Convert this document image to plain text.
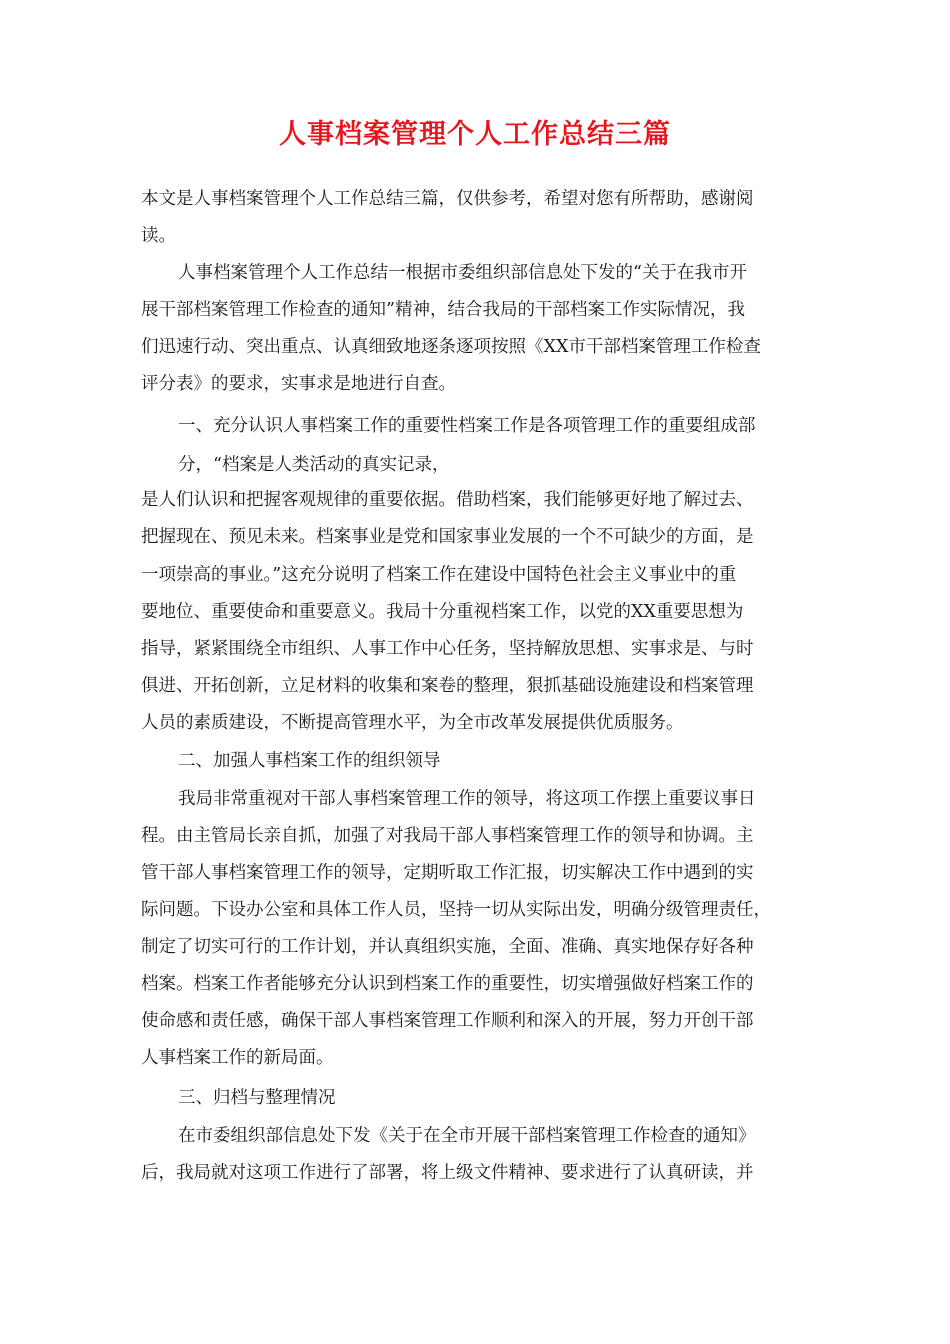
人事档案管理个人工作总结三篇

本文是人事档案管理个人工作总结三篇，仅供参考，希望对您有所帮助，感谢阅

读。

人事档案管理个人工作总结一根据市委组织部信息处下发的“关于在我市开

展干部档案管理工作检查的通知”精神，结合我局的干部档案工作实际情况，我

们迅速行动、突出重点、认真细致地逐条逐项按照《XX市干部档案管理工作检查

评分表》的要求，实事求是地进行自查。

一、充分认识人事档案工作的重要性档案工作是各项管理工作的重要组成部

分，“档案是人类活动的真实记录，

是人们认识和把握客观规律的重要依据。借助档案，我们能够更好地了解过去、

把握现在、预见未来。档案事业是党和国家事业发展的一个不可缺少的方面，是

一项崇高的事业。”这充分说明了档案工作在建设中国特色社会主义事业中的重

要地位、重要使命和重要意义。我局十分重视档案工作，以党的XX重要思想为

指导，紧紧围绕全市组织、人事工作中心任务，坚持解放思想、实事求是、与时

俱进、开拓创新，立足材料的收集和案卷的整理，狠抓基础设施建设和档案管理

人员的素质建设，不断提高管理水平，为全市改革发展提供优质服务。

二、加强人事档案工作的组织领导

我局非常重视对干部人事档案管理工作的领导，将这项工作摆上重要议事日

程。由主管局长亲自抓，加强了对我局干部人事档案管理工作的领导和协调。主

管干部人事档案管理工作的领导，定期听取工作汇报，切实解决工作中遇到的实

际问题。下设办公室和具体工作人员，坚持一切从实际出发，明确分级管理责任，

制定了切实可行的工作计划，并认真组织实施，全面、准确、真实地保存好各种

档案。档案工作者能够充分认识到档案工作的重要性，切实增强做好档案工作的

使命感和责任感，确保干部人事档案管理工作顺利和深入的开展，努力开创干部

人事档案工作的新局面。

三、归档与整理情况

在市委组织部信息处下发《关于在全市开展干部档案管理工作检查的通知》

后，我局就对这项工作进行了部署，将上级文件精神、要求进行了认真研读，并
